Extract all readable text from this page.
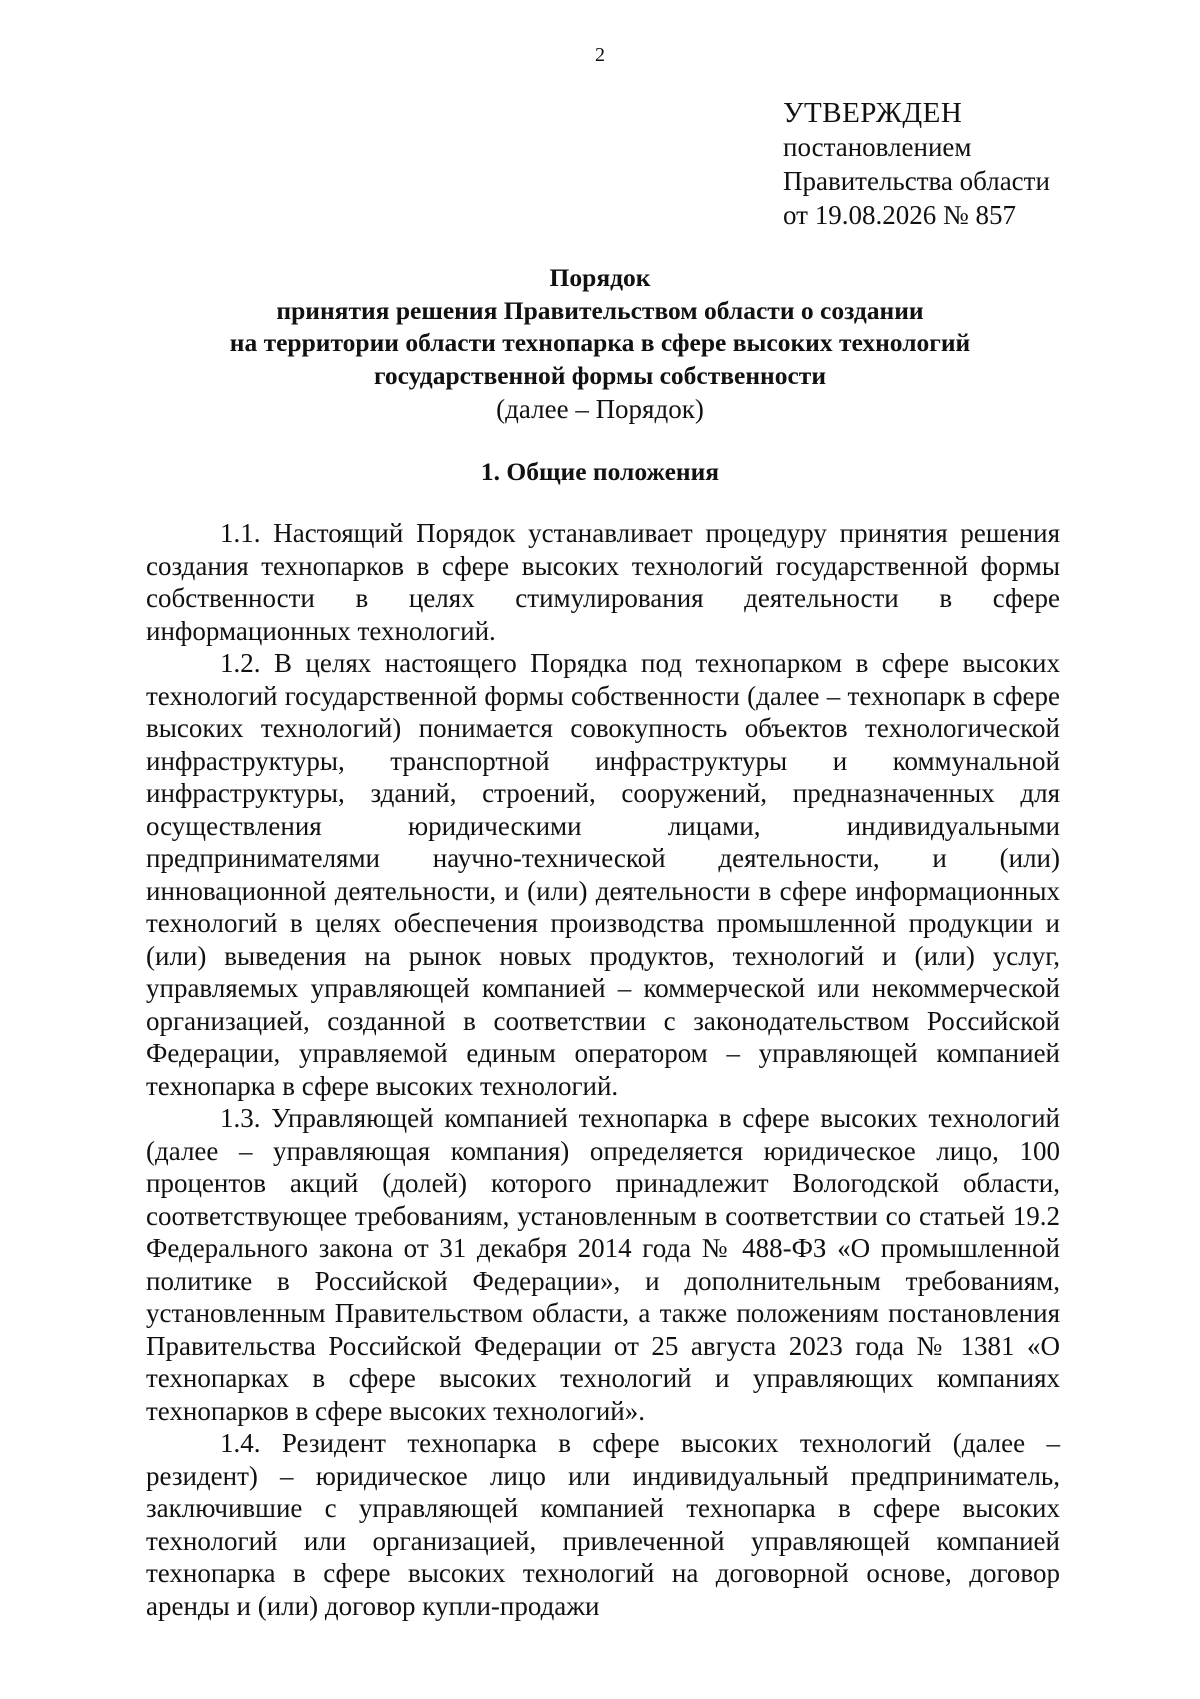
2
УТВЕРЖДЕН
постановлением
Правительства области
от 19.08.2026 № 857
Порядок
принятия решения Правительством области о создании
на территории области технопарка в сфере высоких технологий
государственной формы собственности
(далее – Порядок)
1. Общие положения

1.1. Настоящий Порядок устанавливает процедуру принятия решения создания технопарков в сфере высоких технологий государственной формы собственности в целях стимулирования деятельности в сфере информационных технологий.

1.2. В целях настоящего Порядка под технопарком в сфере высоких технологий государственной формы собственности (далее – технопарк в сфере высоких технологий) понимается совокупность объектов технологической инфраструктуры, транспортной инфраструктуры и коммунальной инфраструктуры, зданий, строений, сооружений, предназначенных для осуществления юридическими лицами, индивидуальными предпринимателями научно-технической деятельности, и (или) инновационной деятельности, и (или) деятельности в сфере информационных технологий в целях обеспечения производства промышленной продукции и (или) выведения на рынок новых продуктов, технологий и (или) услуг, управляемых управляющей компанией – коммерческой или некоммерческой организацией, созданной в соответствии с законодательством Российской Федерации, управляемой единым оператором – управляющей компанией технопарка в сфере высоких технологий.

1.3. Управляющей компанией технопарка в сфере высоких технологий (далее – управляющая компания) определяется юридическое лицо, 100 процентов акций (долей) которого принадлежит Вологодской области, соответствующее требованиям, установленным в соответствии со статьей 19.2 Федерального закона от 31 декабря 2014 года № 488-ФЗ «О промышленной политике в Российской Федерации», и дополнительным требованиям, установленным Правительством области, а также положениям постановления Правительства Российской Федерации от 25 августа 2023 года № 1381 «О технопарках в сфере высоких технологий и управляющих компаниях технопарков в сфере высоких технологий».

1.4. Резидент технопарка в сфере высоких технологий (далее – резидент) – юридическое лицо или индивидуальный предприниматель, заключившие с управляющей компанией технопарка в сфере высоких технологий или организацией, привлеченной управляющей компанией технопарка в сфере высоких технологий на договорной основе, договор аренды и (или) договор купли-продажи
